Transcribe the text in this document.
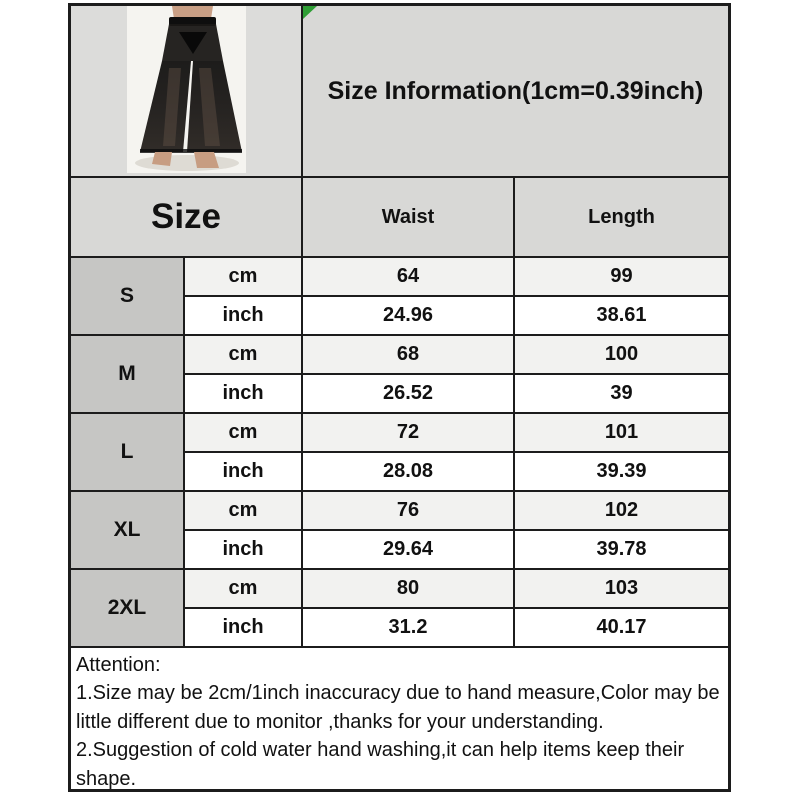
Size Information(1cm=0.39inch)
Size	Waist	Length
S
cm	64	99
inch	24.96	38.61
M
cm	68	100
inch	26.52	39
L
cm	72	101
inch	28.08	39.39
XL
cm	76	102
inch	29.64	39.78
2XL
cm	80	103
inch	31.2	40.17
Attention:
1.Size may be 2cm/1inch inaccuracy due to hand measure,Color may be little different due to monitor ,thanks for your understanding.
2.Suggestion of cold water hand washing,it can help items keep their shape.
